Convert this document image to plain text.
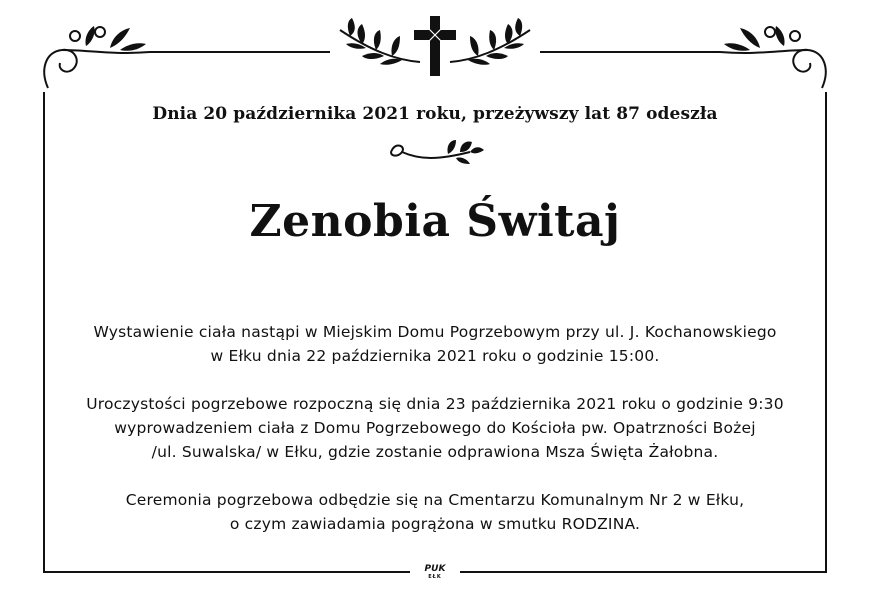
Dnia 20 października 2021 roku, przeżywszy lat 87 odeszła
Zenobia Świtaj
Wystawienie ciała nastąpi w Miejskim Domu Pogrzebowym przy ul. J. Kochanowskiego
w Ełku dnia 22 października 2021 roku o godzinie 15:00.
Uroczystości pogrzebowe rozpoczną się dnia 23 października 2021 roku o godzinie 9:30
wyprowadzeniem ciała z Domu Pogrzebowego do Kościoła pw. Opatrzności Bożej
/ul. Suwalska/ w Ełku, gdzie zostanie odprawiona Msza Święta Żałobna.
Ceremonia pogrzebowa odbędzie się na Cmentarzu Komunalnym Nr 2 w Ełku,
o czym zawiadamia pogrążona w smutku RODZINA.
PUK
EŁK
